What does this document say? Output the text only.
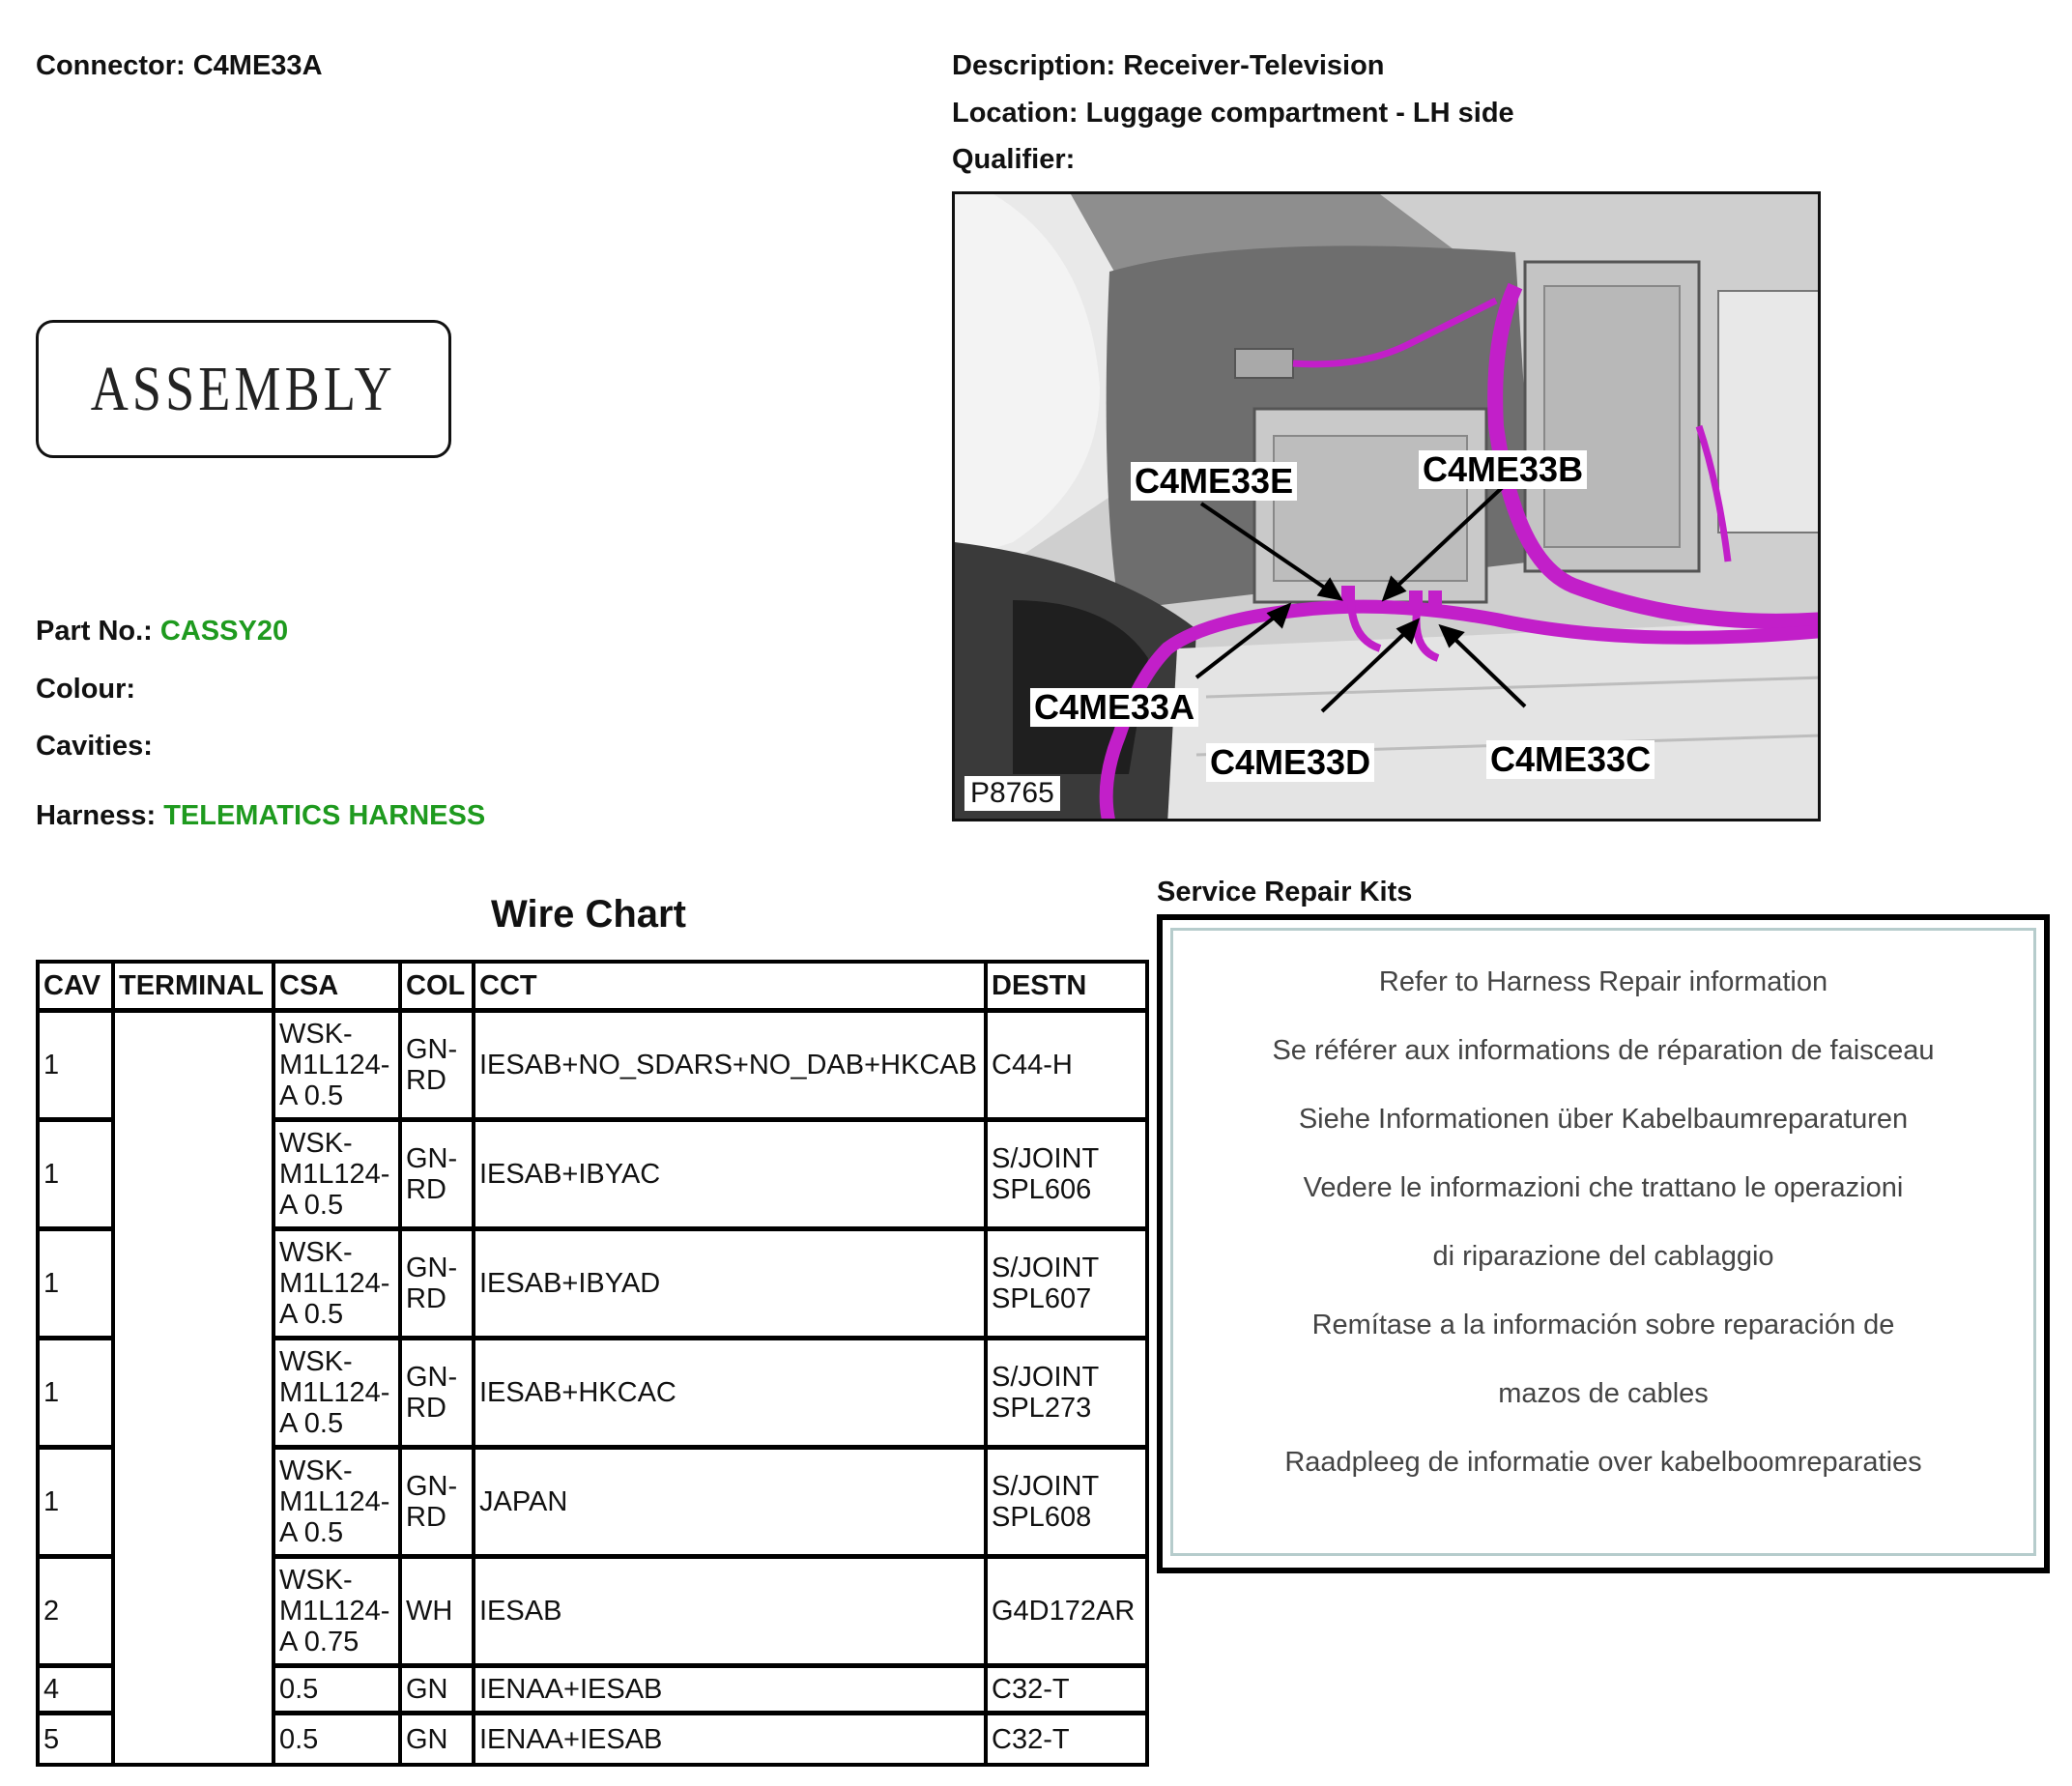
Connector: C4ME33A	Description: Receiver-Television
Location: Luggage compartment - LH side
Qualifier:
ASSEMBLY
Part No.: CASSY20
Colour:
Cavities:
Harness: TELEMATICS HARNESS
C4ME33E	C4ME33B
C4ME33A
C4ME33D	C4ME33C
P8765
Wire Chart
CAV	TERMINAL	CSA	COL	CCT	DESTN
1		WSK-
M1L124-
A 0.5	GN-
RD	IESAB+NO_SDARS+NO_DAB+HKCAB	C44-H

1		WSK-
M1L124-
A 0.5	GN-
RD	IESAB+IBYAC	S/JOINT
SPL606

1		WSK-
M1L124-
A 0.5	GN-
RD	IESAB+IBYAD	S/JOINT
SPL607

1		WSK-
M1L124-
A 0.5	GN-
RD	IESAB+HKCAC	S/JOINT
SPL273

1		WSK-
M1L124-
A 0.5	GN-
RD	JAPAN	S/JOINT
SPL608

2		WSK-
M1L124-
A 0.75	WH	IESAB	G4D172AR

4		0.5	GN	IENAA+IESAB	C32-T

5		0.5	GN	IENAA+IESAB	C32-T
Service Repair Kits
Refer to Harness Repair information
Se référer aux informations de réparation de faisceau
Siehe Informationen über Kabelbaumreparaturen
Vedere le informazioni che trattano le operazioni
di riparazione del cablaggio
Remítase a la información sobre reparación de
mazos de cables
Raadpleeg de informatie over kabelboomreparaties
